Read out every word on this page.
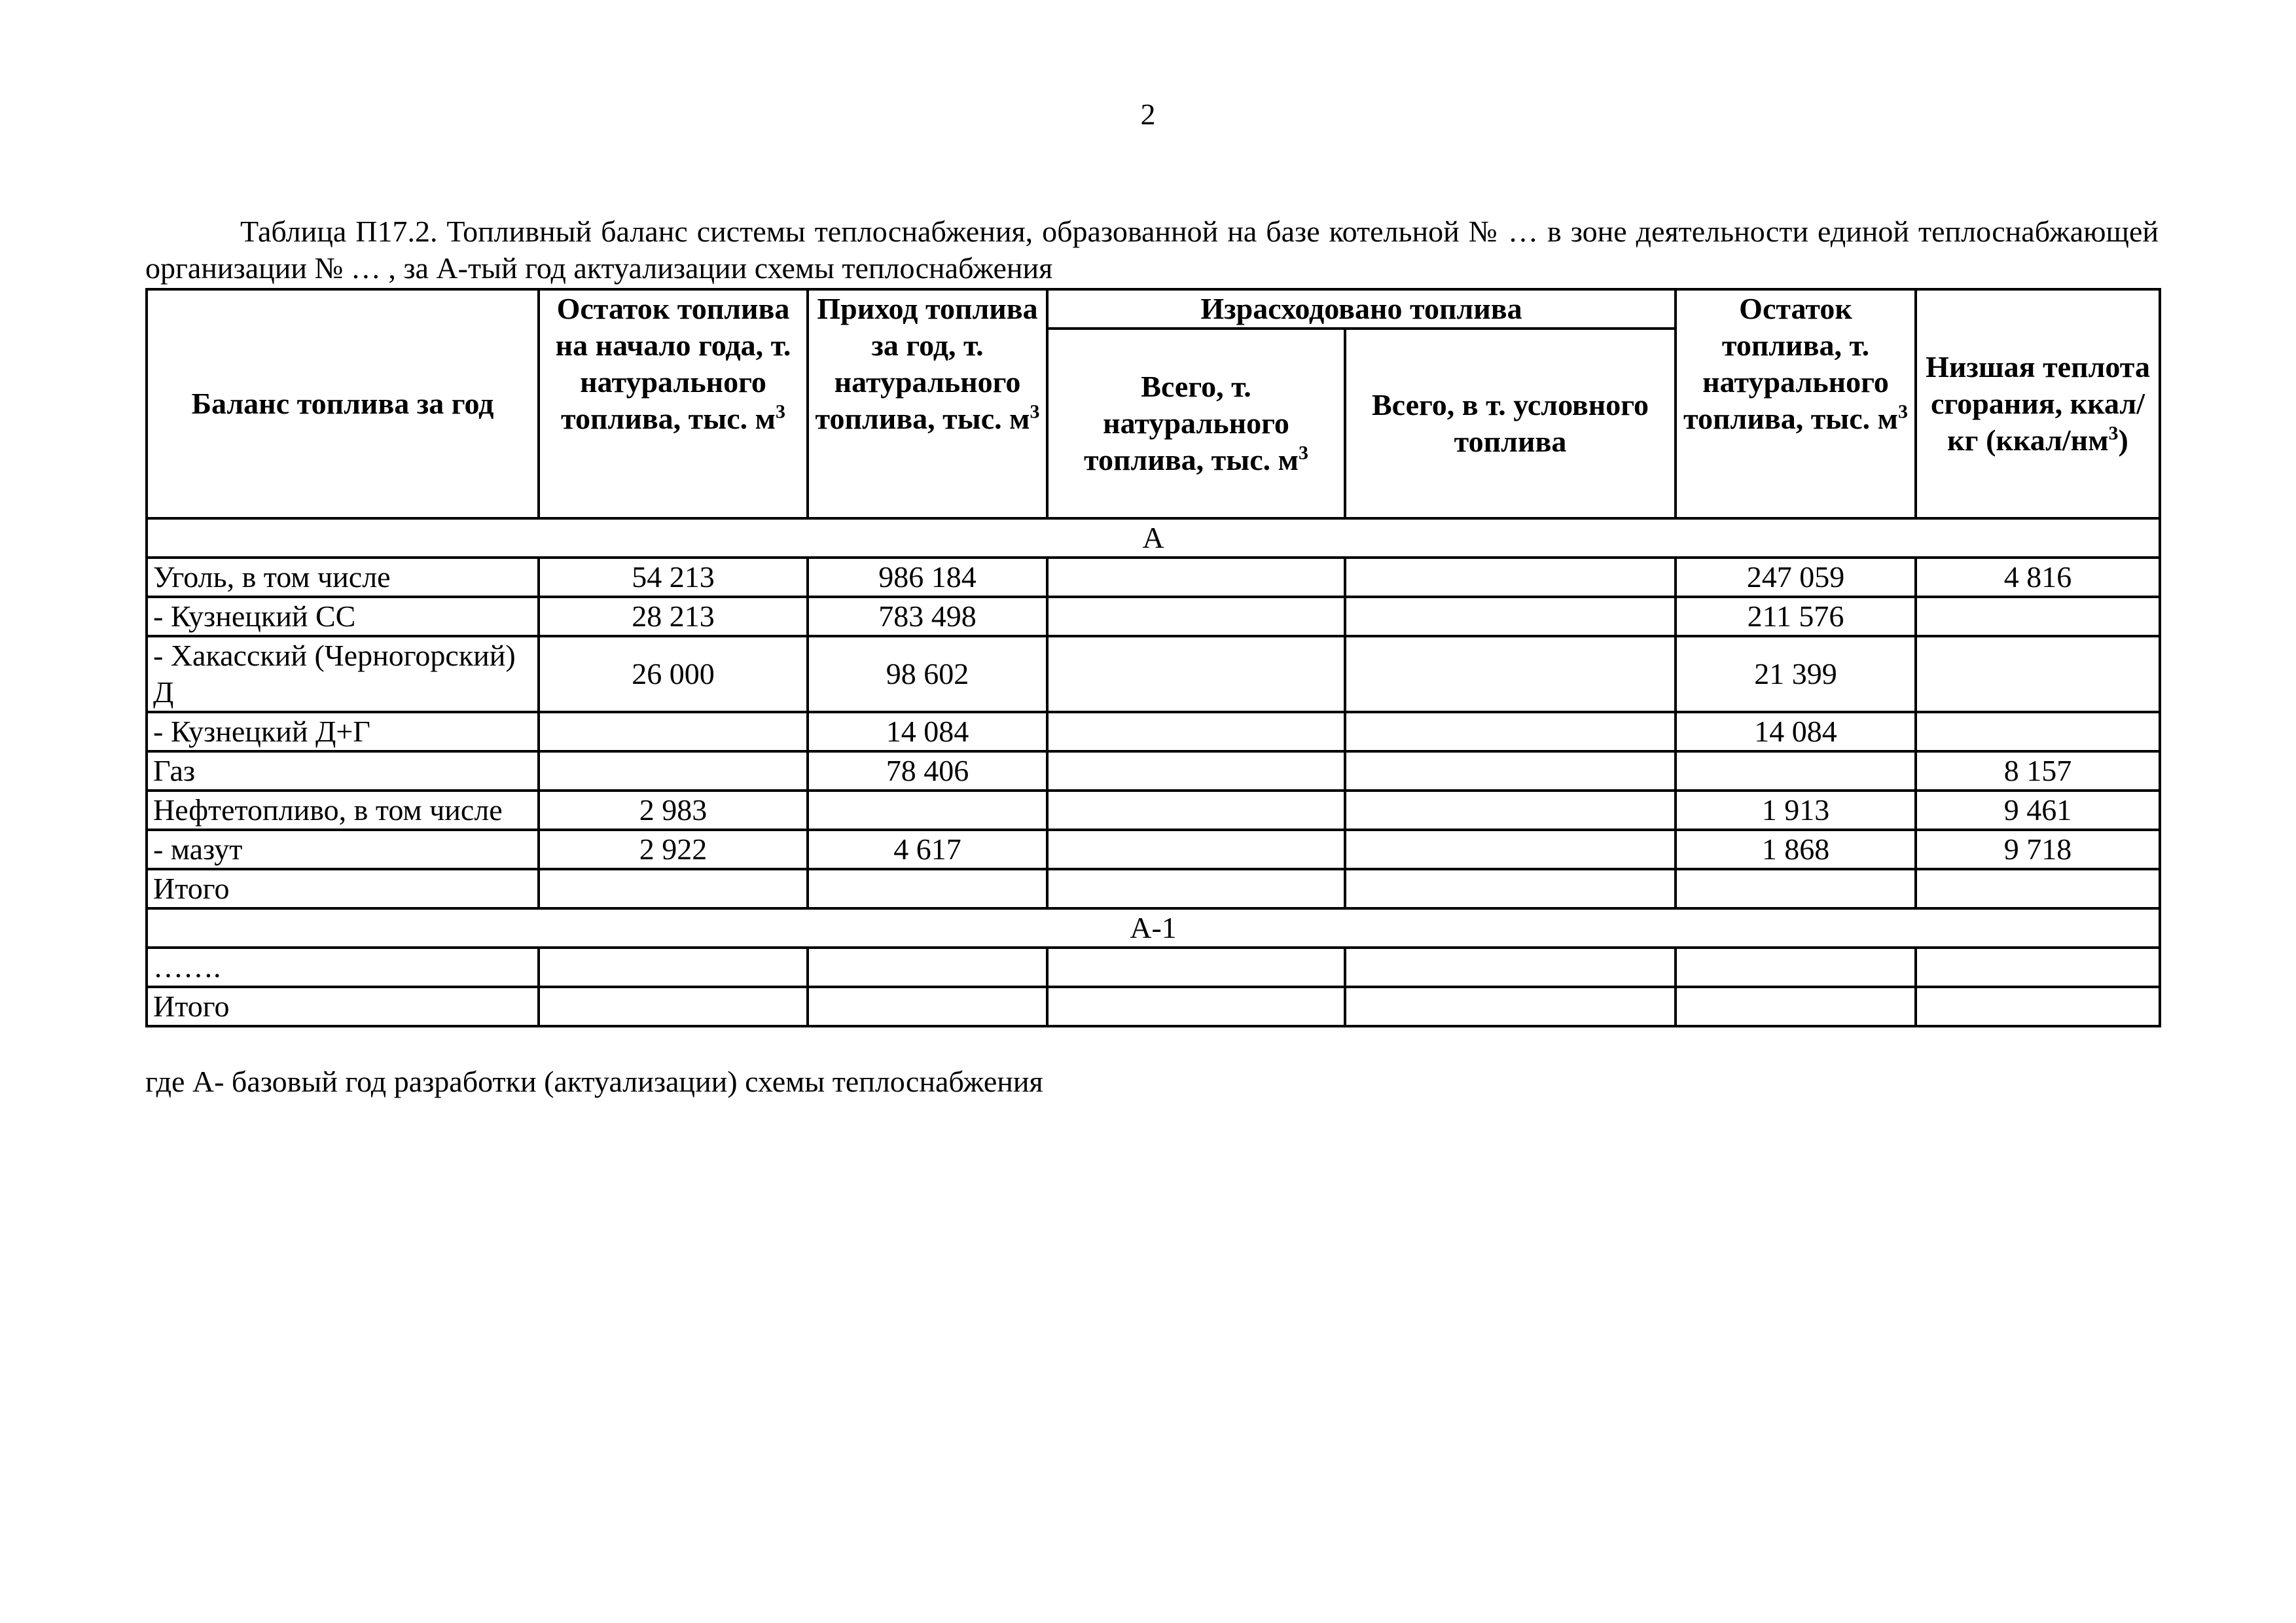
2
Таблица П17.2. Топливный баланс системы теплоснабжения, образованной на базе котельной № … в зоне деятельности единой теплоснабжающей организации № … , за А-тый год актуализации схемы теплоснабжения
Баланс топлива за год	Остаток топлива на начало года, т. натурального топлива, тыс. $м^3$	Приход топлива за год, т. натурального топлива, тыс. $м^3$	Израсходовано топлива		Остаток топлива, т. натурального топлива, тыс. $м^3$	Низшая теплота сгорания, ккал/кг $(ккал/нм^3)$
			Всего, т. натурального топлива, тыс. $м^3$	Всего, в т. условного топлива		
А						
Уголь, в том числе	54 213	986 184			247 059	4 816
- Кузнецкий СС	28 213	783 498			211 576	
- Хакасский (Черногорский) Д	26 000	98 602			21 399	
- Кузнецкий Д+Г		14 084			14 084	
Газ		78 406				8 157
Нефтетопливо, в том числе	2 983				1 913	9 461
- мазут	2 922	4 617			1 868	9 718
Итого						
А-1						
…….						
Итого						
где А- базовый год разработки (актуализации) схемы теплоснабжения
